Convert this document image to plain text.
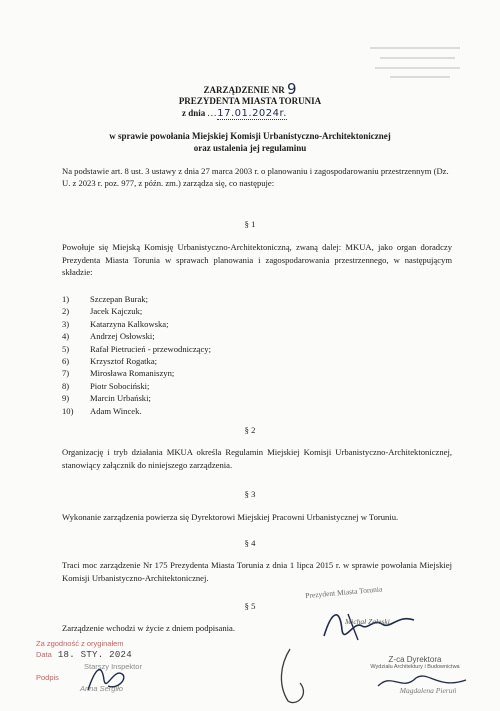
ZARZĄDZENIE NR 9
PREZYDENTA MIASTA TORUNIA
z dnia ...17.01.2024r.
w sprawie powołania Miejskiej Komisji Urbanistyczno-Architektonicznej
oraz ustalenia jej regulaminu
Na podstawie art. 8 ust. 3 ustawy z dnia 27 marca 2003 r. o planowaniu i zagospodarowaniu przestrzennym (Dz. U. z 2023 r. poz. 977, z późn. zm.) zarządza się, co następuje:
§ 1
Powołuje się Miejską Komisję Urbanistyczno-Architektoniczną, zwaną dalej: MKUA, jako organ doradczy Prezydenta Miasta Torunia w sprawach planowania i zagospodarowania przestrzennego, w następującym składzie:
1)	Szczepan Burak;
2)	Jacek Kajczuk;
3)	Katarzyna Kalkowska;
4)	Andrzej Osłowski;
5)	Rafał Pietrucień - przewodniczący;
6)	Krzysztof Rogatka;
7)	Mirosława Romaniszyn;
8)	Piotr Sobociński;
9)	Marcin Urbański;
10)	Adam Wincek.
§ 2
Organizację i tryb działania MKUA określa Regulamin Miejskiej Komisji Urbanistyczno-Architektonicznej, stanowiący załącznik do niniejszego zarządzenia.
§ 3
Wykonanie zarządzenia powierza się Dyrektorowi Miejskiej Pracowni Urbanistycznej w Toruniu.
§ 4
Traci moc zarządzenie Nr 175 Prezydenta Miasta Torunia z dnia 1 lipca 2015 r. w sprawie powołania Miejskiej Komisji Urbanistyczno-Architektonicznej.
§ 5
Zarządzenie wchodzi w życie z dniem podpisania.
Prezydent Miasta Torunia
Michał Zaleski
Za zgodność z oryginałem
Data 18. STY. 2024
Starszy Inspektor
Podpis
Anna Sergiło
Z-ca Dyrektora
Wydziału Architektury i Budownictwa
Magdalena Pieruń
